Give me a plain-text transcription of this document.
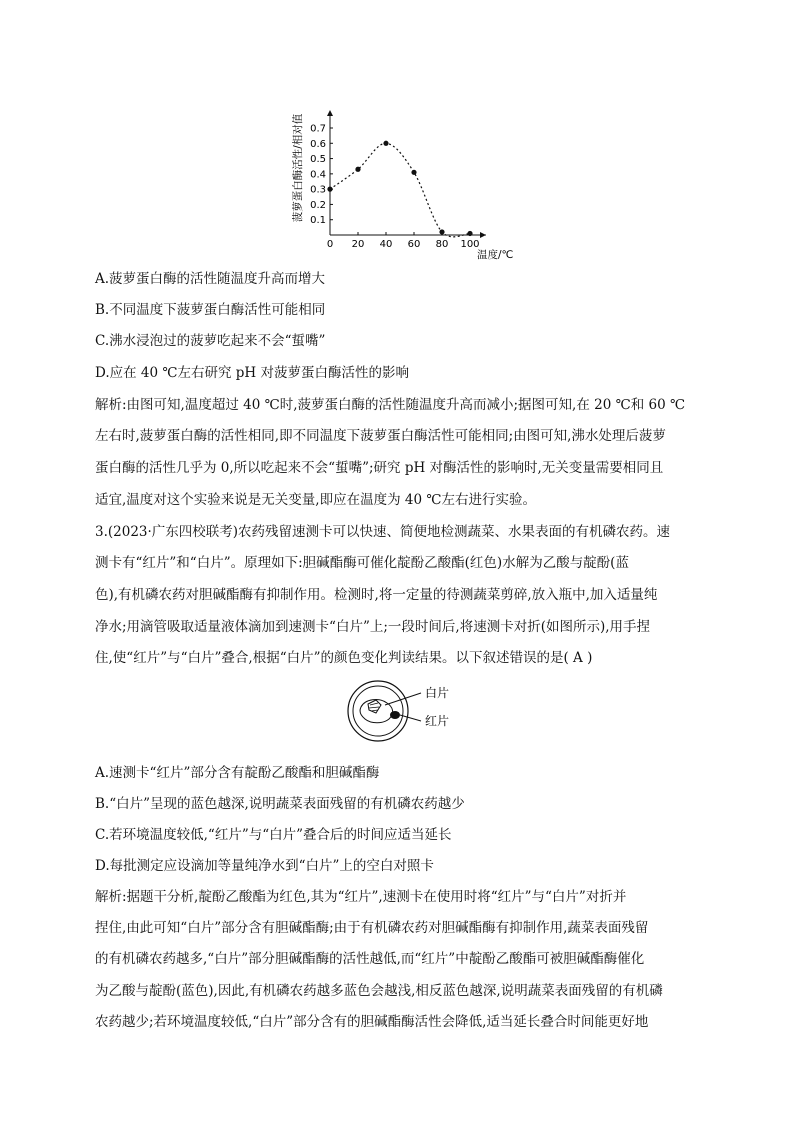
0 20 40 60 80 100
0.1
0.2
0.3
0.4
0.5
0.6
0.7
菠萝蛋白酶活性/相对值
温度/℃
A.菠萝蛋白酶的活性随温度升高而增大
B.不同温度下菠萝蛋白酶活性可能相同
C.沸水浸泡过的菠萝吃起来不会“蜇嘴”
D.应在 40 ℃左右研究 pH 对菠萝蛋白酶活性的影响
解析:由图可知,温度超过 40 ℃时,菠萝蛋白酶的活性随温度升高而减小;据图可知,在 20 ℃和 60 ℃
左右时,菠萝蛋白酶的活性相同,即不同温度下菠萝蛋白酶活性可能相同;由图可知,沸水处理后菠萝
蛋白酶的活性几乎为 0,所以吃起来不会“蜇嘴”;研究 pH 对酶活性的影响时,无关变量需要相同且
适宜,温度对这个实验来说是无关变量,即应在温度为 40 ℃左右进行实验。
3.(2023·广东四校联考)农药残留速测卡可以快速、简便地检测蔬菜、水果表面的有机磷农药。速
测卡有“红片”和“白片”。原理如下:胆碱酯酶可催化靛酚乙酸酯(红色)水解为乙酸与靛酚(蓝
色),有机磷农药对胆碱酯酶有抑制作用。检测时,将一定量的待测蔬菜剪碎,放入瓶中,加入适量纯
净水;用滴管吸取适量液体滴加到速测卡“白片”上;一段时间后,将速测卡对折(如图所示),用手捏
住,使“红片”与“白片”叠合,根据“白片”的颜色变化判读结果。以下叙述错误的是( A )
白片
红片
A.速测卡“红片”部分含有靛酚乙酸酯和胆碱酯酶
B.“白片”呈现的蓝色越深,说明蔬菜表面残留的有机磷农药越少
C.若环境温度较低,“红片”与“白片”叠合后的时间应适当延长
D.每批测定应设滴加等量纯净水到“白片”上的空白对照卡
解析:据题干分析,靛酚乙酸酯为红色,其为“红片”,速测卡在使用时将“红片”与“白片”对折并
捏住,由此可知“白片”部分含有胆碱酯酶;由于有机磷农药对胆碱酯酶有抑制作用,蔬菜表面残留
的有机磷农药越多,“白片”部分胆碱酯酶的活性越低,而“红片”中靛酚乙酸酯可被胆碱酯酶催化
为乙酸与靛酚(蓝色),因此,有机磷农药越多蓝色会越浅,相反蓝色越深,说明蔬菜表面残留的有机磷
农药越少;若环境温度较低,“白片”部分含有的胆碱酯酶活性会降低,适当延长叠合时间能更好地
